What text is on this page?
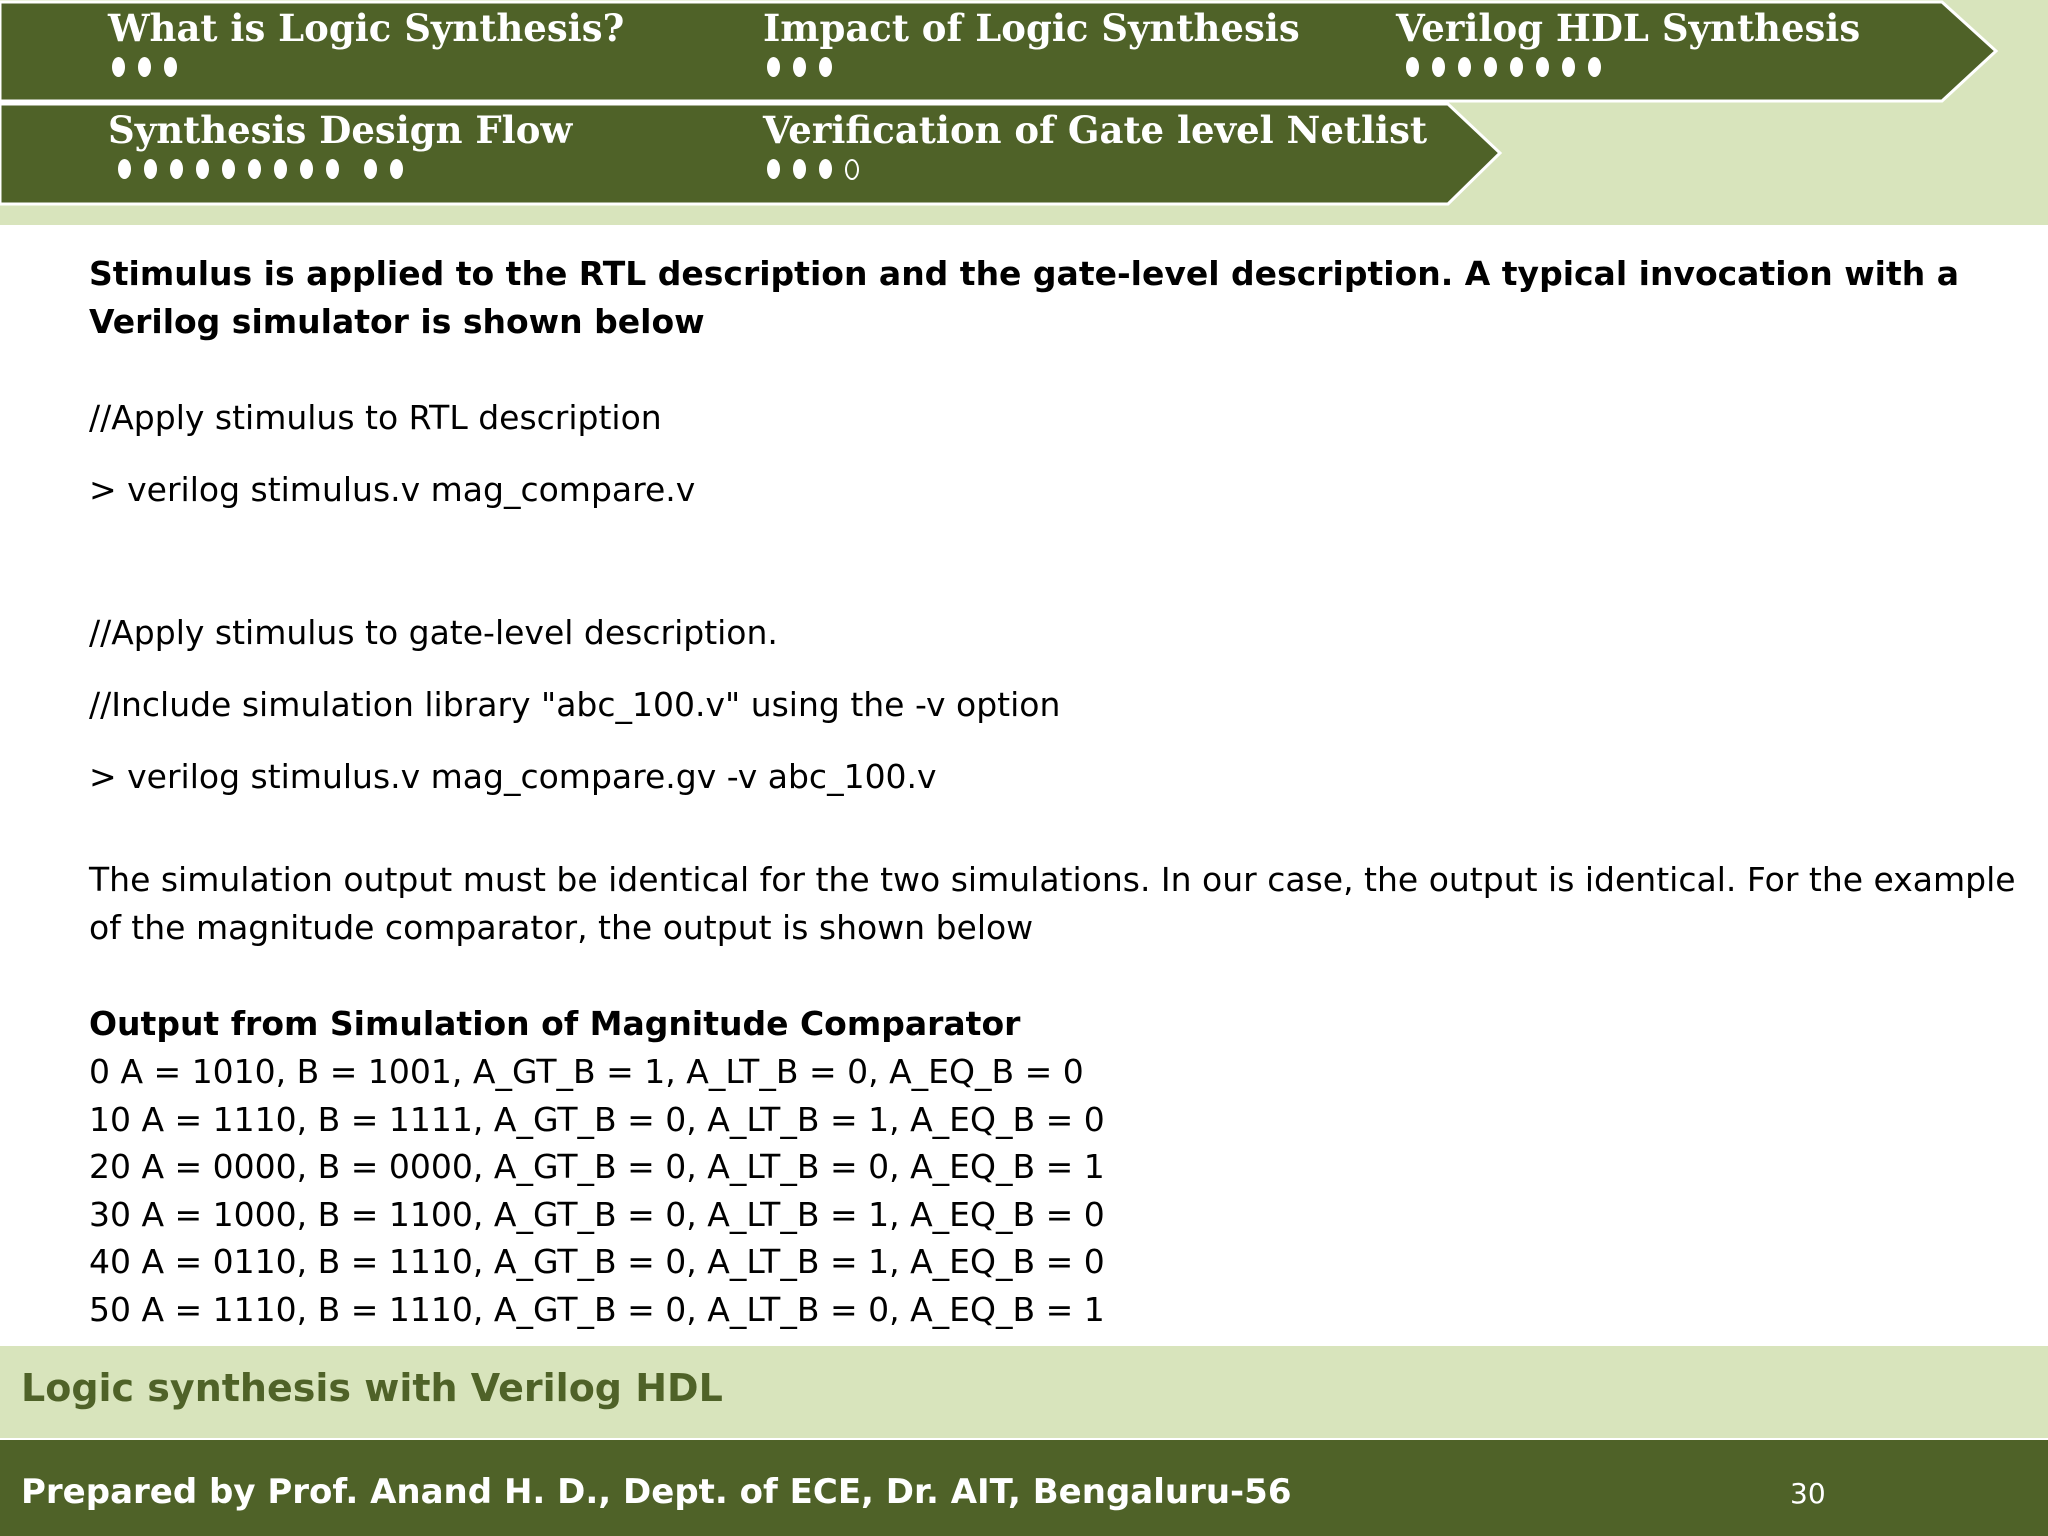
What is Logic Synthesis?	Impact of Logic Synthesis	Verilog HDL Synthesis
Synthesis Design Flow	Verification of Gate level Netlist

Stimulus is applied to the RTL description and the gate-level description. A typical invocation with a Verilog simulator is shown below

//Apply stimulus to RTL description

> verilog stimulus.v mag_compare.v

//Apply stimulus to gate-level description.

//Include simulation library "abc_100.v" using the -v option

> verilog stimulus.v mag_compare.gv -v abc_100.v

The simulation output must be identical for the two simulations. In our case, the output is identical. For the example of the magnitude comparator, the output is shown below

Output from Simulation of Magnitude Comparator

0 A = 1010, B = 1001, A_GT_B = 1, A_LT_B = 0, A_EQ_B = 0
10 A = 1110, B = 1111, A_GT_B = 0, A_LT_B = 1, A_EQ_B = 0
20 A = 0000, B = 0000, A_GT_B = 0, A_LT_B = 0, A_EQ_B = 1
30 A = 1000, B = 1100, A_GT_B = 0, A_LT_B = 1, A_EQ_B = 0
40 A = 0110, B = 1110, A_GT_B = 0, A_LT_B = 1, A_EQ_B = 0
50 A = 1110, B = 1110, A_GT_B = 0, A_LT_B = 0, A_EQ_B = 1
Logic synthesis with Verilog HDL
Prepared by Prof. Anand H. D., Dept. of ECE, Dr. AIT, Bengaluru-56	30
